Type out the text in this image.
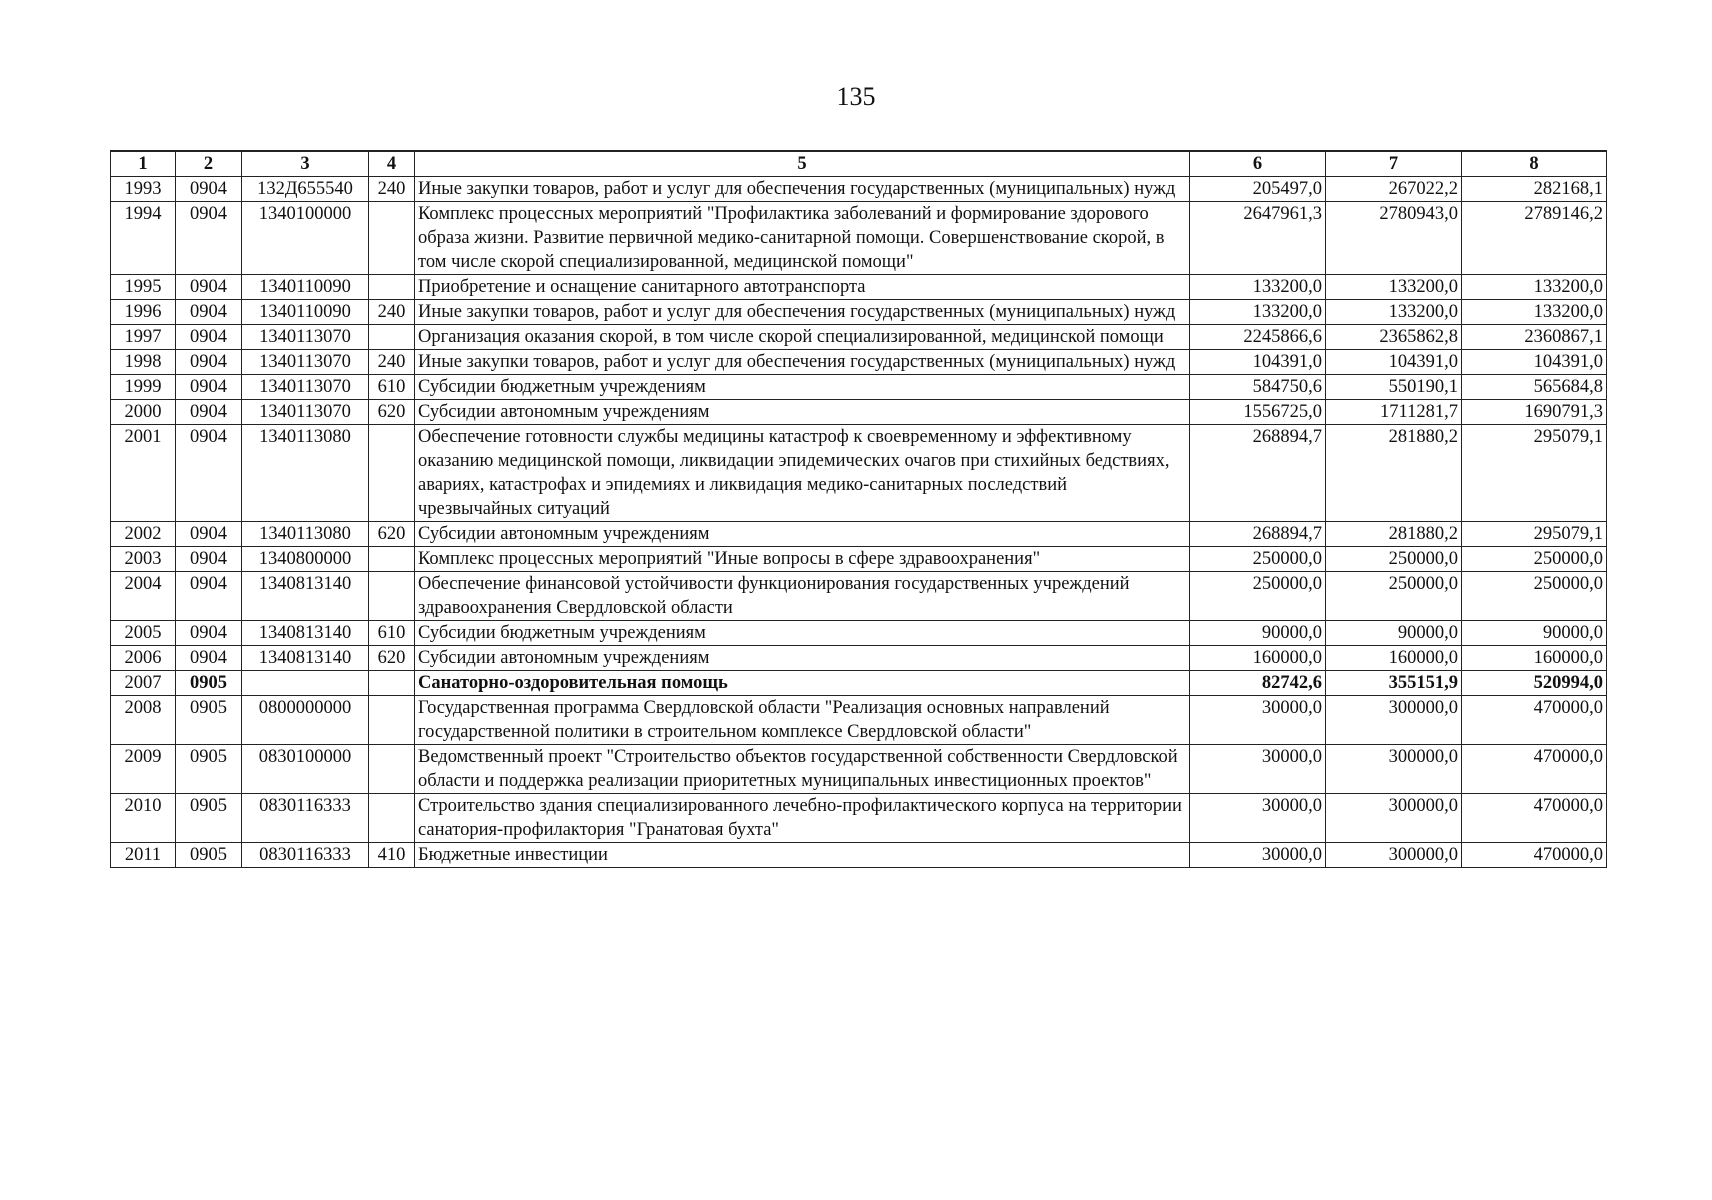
135
1	2	3	4	5	6	7	8
1993	0904	132Д655540	240	Иные закупки товаров, работ и услуг для обеспечения государственных (муниципальных) нужд	205497,0	267022,2	282168,1
1994	0904	1340100000		Комплекс процессных мероприятий "Профилактика заболеваний и формирование здорового образа жизни. Развитие первичной медико-санитарной помощи. Совершенствование скорой, в том числе скорой специализированной, медицинской помощи"	2647961,3	2780943,0	2789146,2
1995	0904	1340110090		Приобретение и оснащение санитарного автотранспорта	133200,0	133200,0	133200,0
1996	0904	1340110090	240	Иные закупки товаров, работ и услуг для обеспечения государственных (муниципальных) нужд	133200,0	133200,0	133200,0
1997	0904	1340113070		Организация оказания скорой, в том числе скорой специализированной, медицинской помощи	2245866,6	2365862,8	2360867,1
1998	0904	1340113070	240	Иные закупки товаров, работ и услуг для обеспечения государственных (муниципальных) нужд	104391,0	104391,0	104391,0
1999	0904	1340113070	610	Субсидии бюджетным учреждениям	584750,6	550190,1	565684,8
2000	0904	1340113070	620	Субсидии автономным учреждениям	1556725,0	1711281,7	1690791,3
2001	0904	1340113080		Обеспечение готовности службы медицины катастроф к своевременному и эффективному оказанию медицинской помощи, ликвидации эпидемических очагов при стихийных бедствиях, авариях, катастрофах и эпидемиях и ликвидация медико-санитарных последствий чрезвычайных ситуаций	268894,7	281880,2	295079,1
2002	0904	1340113080	620	Субсидии автономным учреждениям	268894,7	281880,2	295079,1
2003	0904	1340800000		Комплекс процессных мероприятий "Иные вопросы в сфере здравоохранения"	250000,0	250000,0	250000,0
2004	0904	1340813140		Обеспечение финансовой устойчивости функционирования государственных учреждений здравоохранения Свердловской области	250000,0	250000,0	250000,0
2005	0904	1340813140	610	Субсидии бюджетным учреждениям	90000,0	90000,0	90000,0
2006	0904	1340813140	620	Субсидии автономным учреждениям	160000,0	160000,0	160000,0
2007	0905			Санаторно-оздоровительная помощь	82742,6	355151,9	520994,0
2008	0905	0800000000		Государственная программа Свердловской области "Реализация основных направлений государственной политики в строительном комплексе Свердловской области"	30000,0	300000,0	470000,0
2009	0905	0830100000		Ведомственный проект "Строительство объектов государственной собственности Свердловской области и поддержка реализации приоритетных муниципальных инвестиционных проектов"	30000,0	300000,0	470000,0
2010	0905	0830116333		Строительство здания специализированного лечебно-профилактического корпуса на территории санатория-профилактория "Гранатовая бухта"	30000,0	300000,0	470000,0
2011	0905	0830116333	410	Бюджетные инвестиции	30000,0	300000,0	470000,0
